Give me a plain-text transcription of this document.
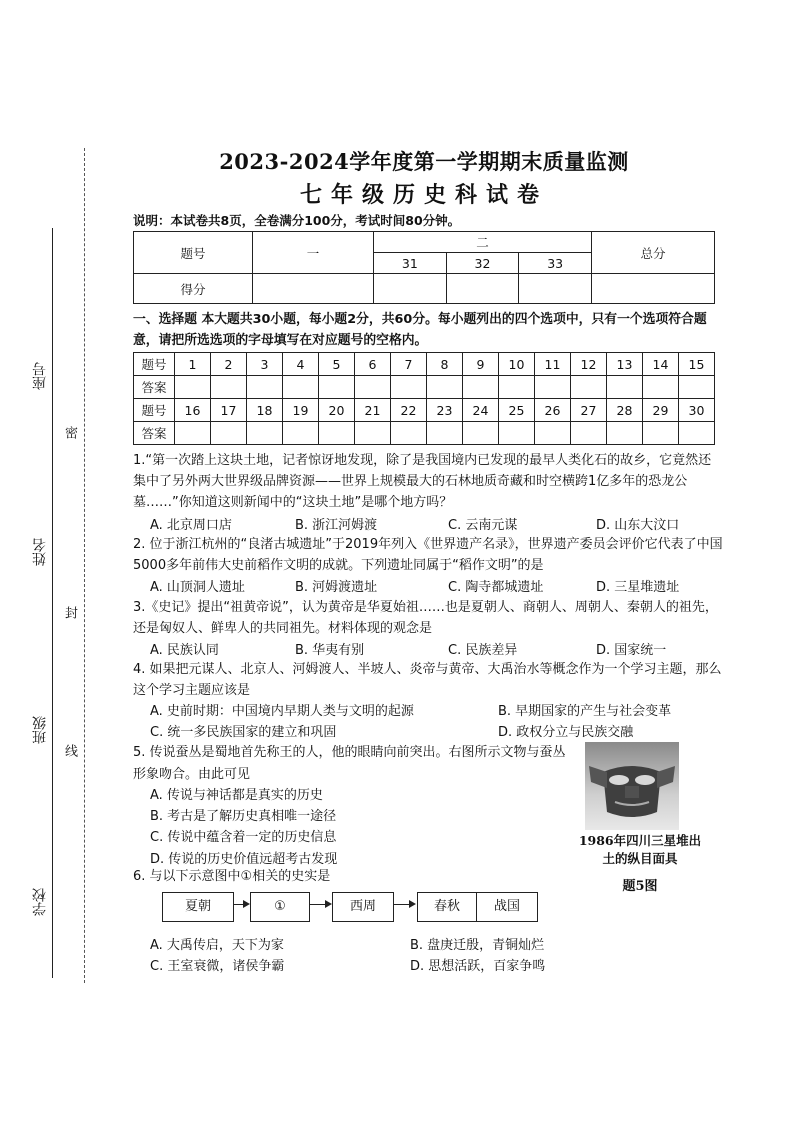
座号
姓名
班级
学校
密
封
线
2023-2024学年度第一学期期末质量监测
七年级历史科试卷
说明：本试卷共8页，全卷满分100分，考试时间80分钟。
题号	一	二			总分
		31	32	33	
得分					
一、选择题 本大题共30小题，每小题2分，共60分。每小题列出的四个选项中，只有一个选项符合题意，请把所选选项的字母填写在对应题号的空格内。
题号	1	2	3	4	5	6	7	8	9	10	11	12	13	14	15
答案															
题号	16	17	18	19	20	21	22	23	24	25	26	27	28	29	30
答案															
1.“第一次踏上这块土地，记者惊讶地发现，除了是我国境内已发现的最早人类化石的故乡，它竟然还集中了另外两大世界级品牌资源——世界上规模最大的石林地质奇藏和时空横跨1亿多年的恐龙公墓……”你知道这则新闻中的“这块土地”是哪个地方吗？
A. 北京周口店	B. 浙江河姆渡	C. 云南元谋	D. 山东大汶口
2. 位于浙江杭州的“良渚古城遗址”于2019年列入《世界遗产名录》，世界遗产委员会评价它代表了中国5000多年前伟大史前稻作文明的成就。下列遗址同属于“稻作文明”的是
A. 山顶洞人遗址	B. 河姆渡遗址	C. 陶寺都城遗址	D. 三星堆遗址
3.《史记》提出“祖黄帝说”，认为黄帝是华夏始祖……也是夏朝人、商朝人、周朝人、秦朝人的祖先，还是匈奴人、鲜卑人的共同祖先。材料体现的观念是
A. 民族认同	B. 华夷有别	C. 民族差异	D. 国家统一
4. 如果把元谋人、北京人、河姆渡人、半坡人、炎帝与黄帝、大禹治水等概念作为一个学习主题，那么这个学习主题应该是
A. 史前时期：中国境内早期人类与文明的起源	B. 早期国家的产生与社会变革
C. 统一多民族国家的建立和巩固	D. 政权分立与民族交融
5. 传说蚕丛是蜀地首先称王的人，他的眼睛向前突出。右图所示文物与蚕丛形象吻合。由此可见
A. 传说与神话都是真实的历史
B. 考古是了解历史真相唯一途径
C. 传说中蕴含着一定的历史信息
D. 传说的历史价值远超考古发现
1986年四川三星堆出土的纵目面具
题5图
6. 与以下示意图中①相关的史实是
夏朝	①	西周	春秋	战国
A. 大禹传启，天下为家	B. 盘庚迁殷，青铜灿烂
C. 王室衰微，诸侯争霸	D. 思想活跃，百家争鸣
